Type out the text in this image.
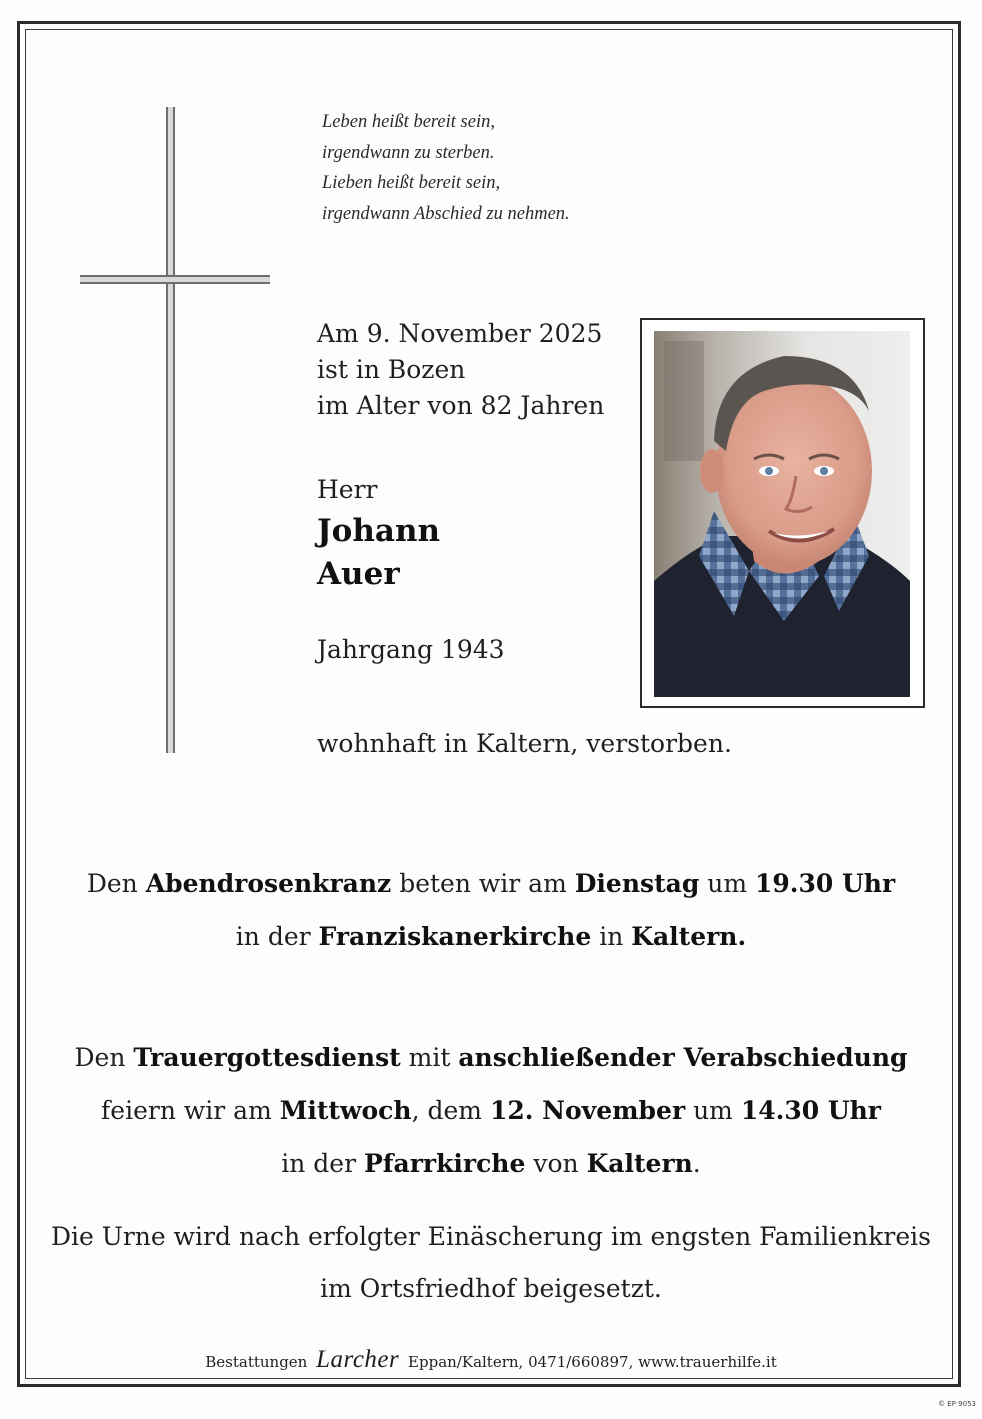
Leben heißt bereit sein,
irgendwann zu sterben.
Lieben heißt bereit sein,
irgendwann Abschied zu nehmen.
Am 9. November 2025
ist in Bozen
im Alter von 82 Jahren
Herr
Johann
Auer
Jahrgang 1943
wohnhaft in Kaltern, verstorben.
Den Abendrosenkranz beten wir am Dienstag um 19.30 Uhr
in der Franziskanerkirche in Kaltern.
Den Trauergottesdienst mit anschließender Verabschiedung
feiern wir am Mittwoch, dem 12. November um 14.30 Uhr
in der Pfarrkirche von Kaltern.
Die Urne wird nach erfolgter Einäscherung im engsten Familienkreis
im Ortsfriedhof beigesetzt.
Bestattungen Larcher Eppan/Kaltern, 0471/660897, www.trauerhilfe.it
© EP 9053
